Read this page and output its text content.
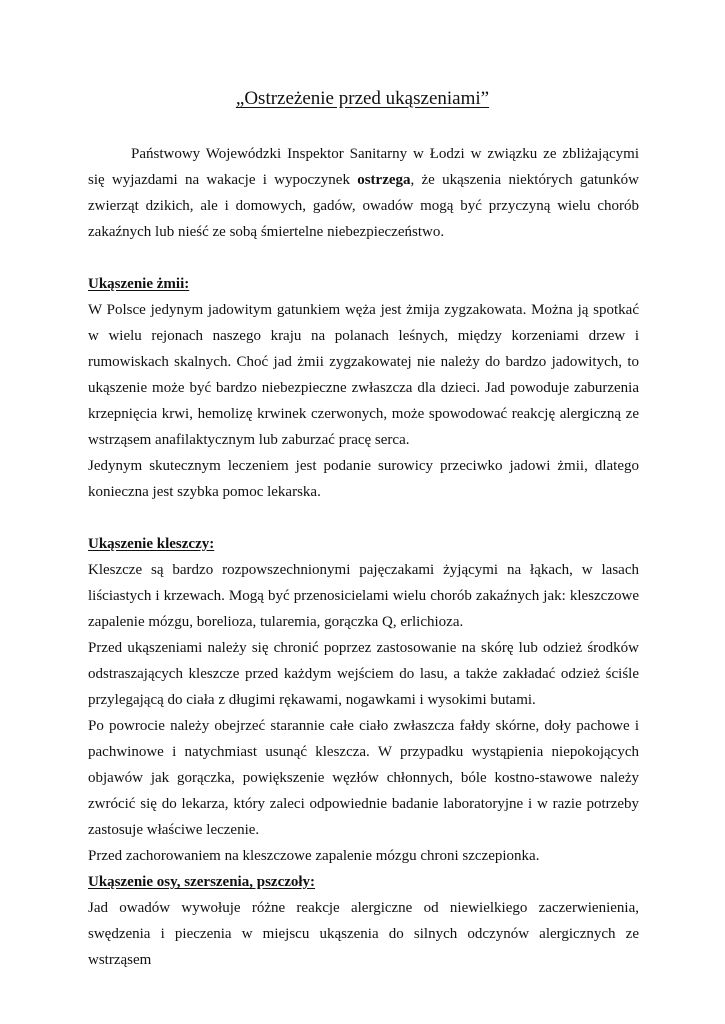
„Ostrzeżenie przed ukąszeniami”

Państwowy Wojewódzki Inspektor Sanitarny w Łodzi w związku ze zbliżającymi się wyjazdami na wakacje i wypoczynek ostrzega, że ukąszenia niektórych gatunków zwierząt dzikich, ale i domowych, gadów, owadów mogą być przyczyną wielu chorób zakaźnych lub nieść ze sobą śmiertelne niebezpieczeństwo.

Ukąszenie żmii:

W Polsce jedynym jadowitym gatunkiem węża jest żmija zygzakowata. Można ją spotkać w wielu rejonach naszego kraju na polanach leśnych, między korzeniami drzew i rumowiskach skalnych. Choć jad żmii zygzakowatej nie należy do bardzo jadowitych, to ukąszenie może być bardzo niebezpieczne zwłaszcza dla dzieci. Jad powoduje zaburzenia krzepnięcia krwi, hemolizę krwinek czerwonych, może spowodować reakcję alergiczną ze wstrząsem anafilaktycznym lub zaburzać pracę serca.

Jedynym skutecznym leczeniem jest podanie surowicy przeciwko jadowi żmii, dlatego konieczna jest szybka pomoc lekarska.

Ukąszenie kleszczy:

Kleszcze są bardzo rozpowszechnionymi pajęczakami żyjącymi na łąkach, w lasach liściastych i krzewach. Mogą być przenosicielami wielu chorób zakaźnych jak: kleszczowe zapalenie mózgu, borelioza, tularemia, gorączka Q, erlichioza.

Przed ukąszeniami należy się chronić poprzez zastosowanie na skórę lub odzież środków odstraszających kleszcze przed każdym wejściem do lasu, a także zakładać odzież ściśle przylegającą do ciała z długimi rękawami, nogawkami i wysokimi butami.

Po powrocie należy obejrzeć starannie całe ciało zwłaszcza fałdy skórne, doły pachowe i pachwinowe i natychmiast usunąć kleszcza. W przypadku wystąpienia niepokojących objawów jak gorączka, powiększenie węzłów chłonnych, bóle kostno-stawowe należy zwrócić się do lekarza, który zaleci odpowiednie badanie laboratoryjne i w razie potrzeby zastosuje właściwe leczenie.

Przed zachorowaniem na kleszczowe zapalenie mózgu chroni szczepionka.

Ukąszenie osy, szerszenia, pszczoły:

Jad owadów wywołuje różne reakcje alergiczne od niewielkiego zaczerwienienia, swędzenia i pieczenia w miejscu ukąszenia do silnych odczynów alergicznych ze wstrząsem
